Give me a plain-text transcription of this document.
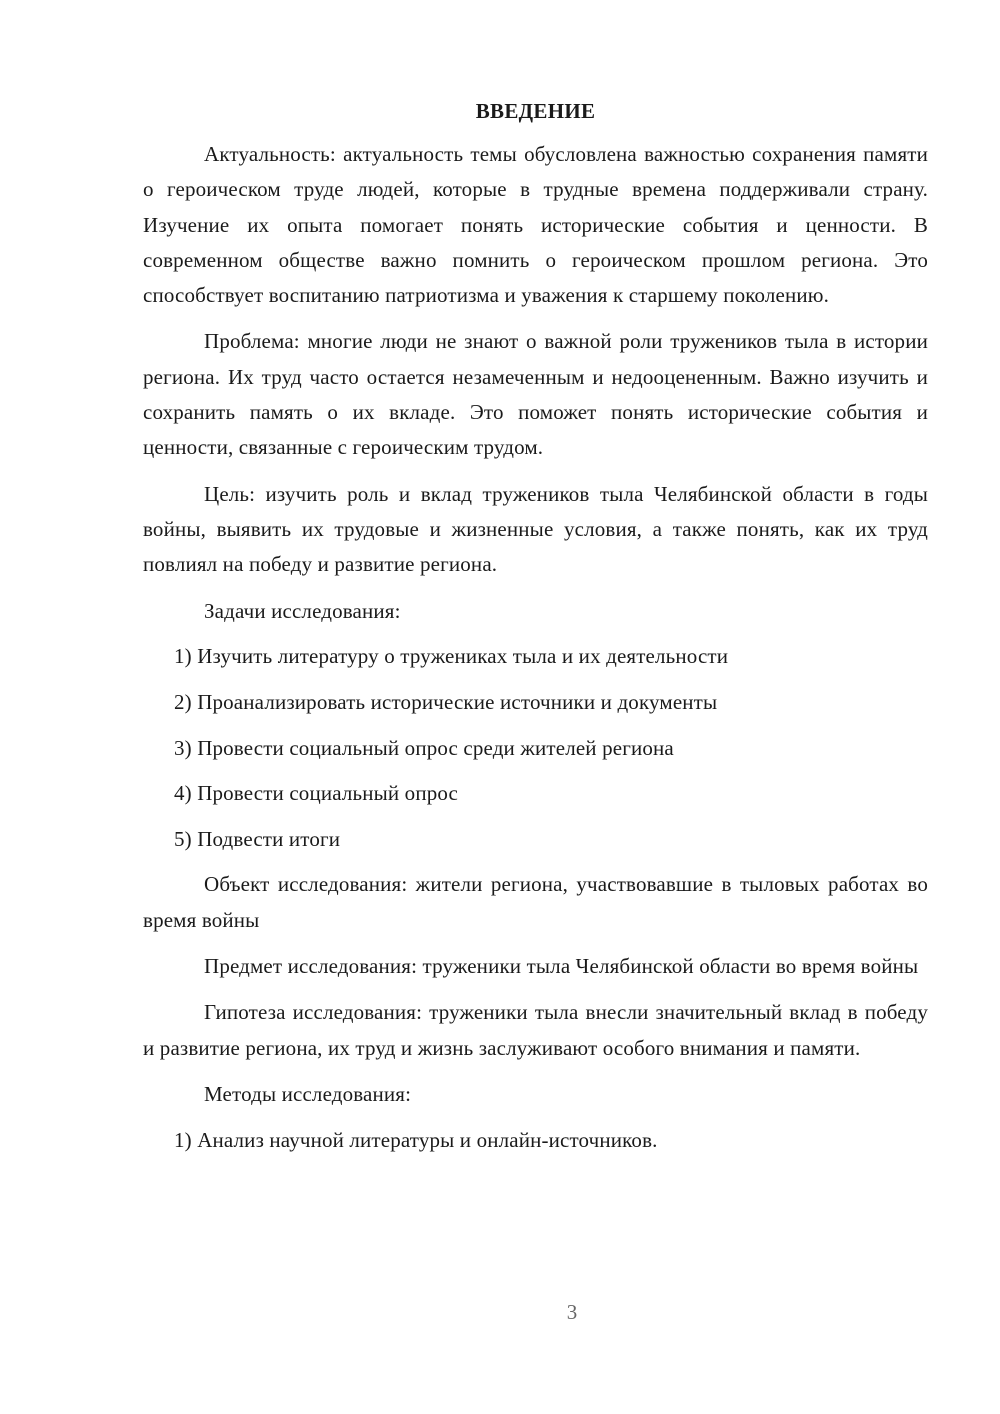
ВВЕДЕНИЕ

Актуальность: актуальность темы обусловлена важностью сохранения памяти о героическом труде людей, которые в трудные времена поддерживали страну. Изучение их опыта помогает понять исторические события и ценности. В современном обществе важно помнить о героическом прошлом региона. Это способствует воспитанию патриотизма и уважения к старшему поколению.

Проблема: многие люди не знают о важной роли тружеников тыла в истории региона. Их труд часто остается незамеченным и недооцененным. Важно изучить и сохранить память о их вкладе. Это поможет понять исторические события и ценности, связанные с героическим трудом.

Цель: изучить роль и вклад тружеников тыла Челябинской области в годы войны, выявить их трудовые и жизненные условия, а также понять, как их труд повлиял на победу и развитие региона.

Задачи исследования:

1) Изучить литературу о тружениках тыла и их деятельности

2) Проанализировать исторические источники и документы

3) Провести социальный опрос среди жителей региона

4) Провести социальный опрос

5) Подвести итоги

Объект исследования: жители региона, участвовавшие в тыловых работах во время войны

Предмет исследования: труженики тыла Челябинской области во время войны

Гипотеза исследования: труженики тыла внесли значительный вклад в победу и развитие региона, их труд и жизнь заслуживают особого внимания и памяти.

Методы исследования:

1) Анализ научной литературы и онлайн-источников.

3
